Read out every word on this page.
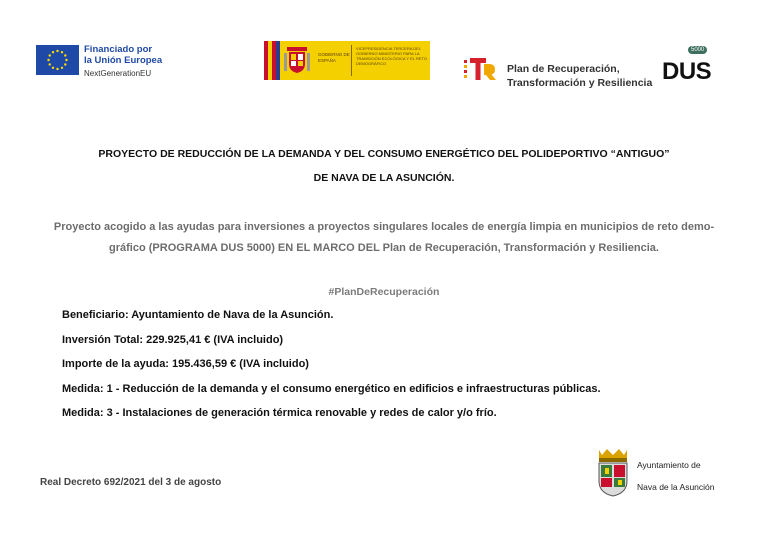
Financiado por
la Unión Europea
NextGenerationEU
GOBIERNO DE ESPAÑA
VICEPRESIDENCIA TERCERA DEL GOBIERNO MINISTERIO PARA LA TRANSICIÓN ECOLÓGICA Y EL RETO DEMOGRÁFICO	Plan de Recuperación,
Transformación y Resiliencia DUS
5000
PROYECTO DE REDUCCIÓN DE LA DEMANDA Y DEL CONSUMO ENERGÉTICO DEL POLIDEPORTIVO “ANTIGUO”
DE NAVA DE LA ASUNCIÓN.
Proyecto acogido a las ayudas para inversiones a proyectos singulares locales de energía limpia en municipios de reto demo-
gráfico (PROGRAMA DUS 5000) EN EL MARCO DEL Plan de Recuperación, Transformación y Resiliencia.
#PlanDeRecuperación
Beneficiario: Ayuntamiento de Nava de la Asunción.
Inversión Total: 229.925,41 € (IVA incluido)
Importe de la ayuda: 195.436,59 € (IVA incluido)
Medida: 1 - Reducción de la demanda y el consumo energético en edificios e infraestructuras públicas.
Medida: 3 - Instalaciones de generación térmica renovable y redes de calor y/o frío.
Real Decreto 692/2021 del 3 de agosto
Ayuntamiento de
Nava de la Asunción
